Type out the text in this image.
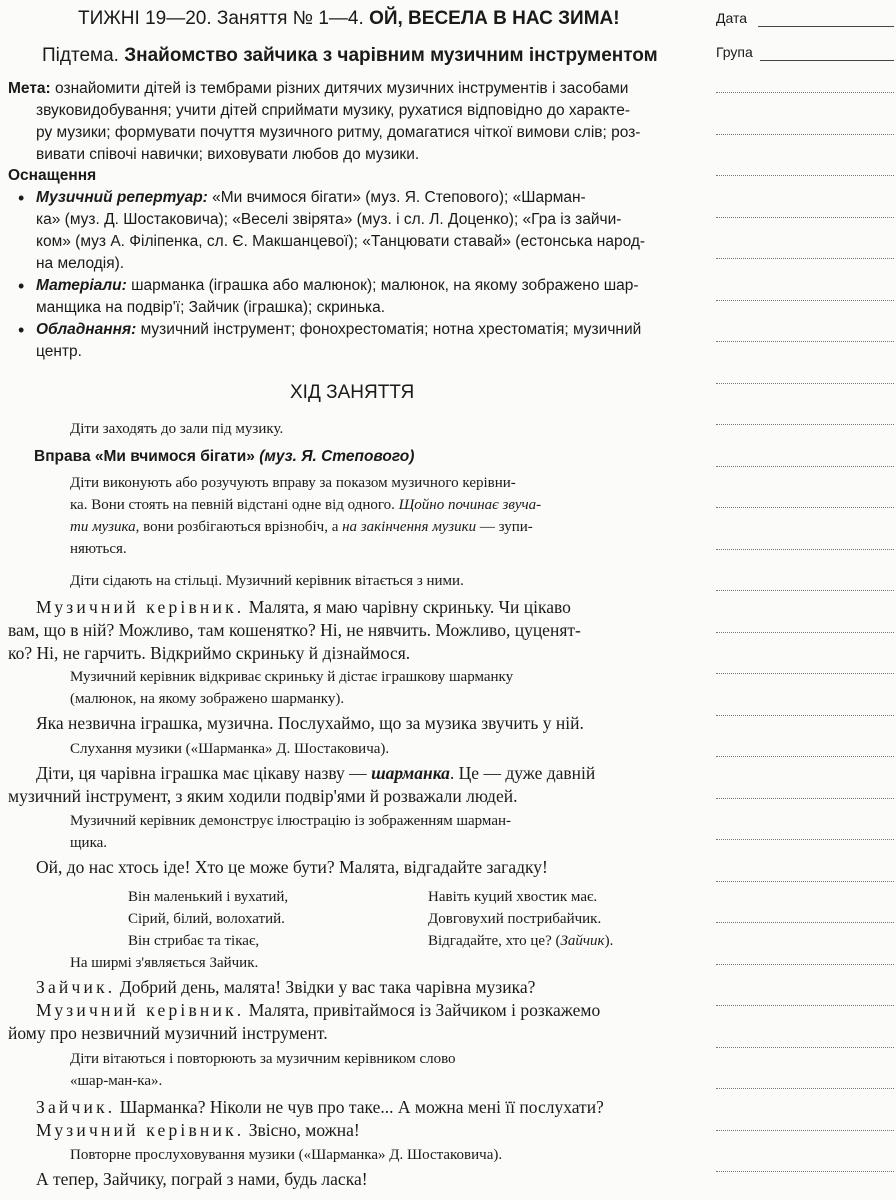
ТИЖНІ 19—20. Заняття № 1—4. ОЙ, ВЕСЕЛА В НАС ЗИМА!
Підтема. Знайомство зайчика з чарівним музичним інструментом
Мета: ознайомити дітей із тембрами різних дитячих музичних інструментів і засобами
звуковидобування; учити дітей сприймати музику, рухатися відповідно до характе-
ру музики; формувати почуття музичного ритму, домагатися чіткої вимови слів; роз-
вивати співочі навички; виховувати любов до музики.
Оснащення
• Музичний репертуар: «Ми вчимося бігати» (муз. Я. Степового); «Шарман-
ка» (муз. Д. Шостаковича); «Веселі звірята» (муз. і сл. Л. Доценко); «Гра із зайчи-
ком» (муз А. Філіпенка, сл. Є. Макшанцевої); «Танцювати ставай» (естонська народ-
на мелодія).
• Матеріали: шарманка (іграшка або малюнок); малюнок, на якому зображено шар-
манщика на подвір'ї; Зайчик (іграшка); скринька.
• Обладнання: музичний інструмент; фонохрестоматія; нотна хрестоматія; музичний
центр.
ХІД ЗАНЯТТЯ
Діти заходять до зали під музику.
Вправа «Ми вчимося бігати» (муз. Я. Степового)
Діти виконують або розучують вправу за показом музичного керівни-
ка. Вони стоять на певній відстані одне від одного. Щойно починає звуча-
ти музика, вони розбігаються врізнобіч, а на закінчення музики — зупи-
няються.
Діти сідають на стільці. Музичний керівник вітається з ними.
Музичний керівник. Малята, я маю чарівну скриньку. Чи цікаво
вам, що в ній? Можливо, там кошенятко? Ні, не нявчить. Можливо, цуценят-
ко? Ні, не гарчить. Відкриймо скриньку й дізнаймося.
Музичний керівник відкриває скриньку й дістає іграшкову шарманку
(малюнок, на якому зображено шарманку).
Яка незвична іграшка, музична. Послухаймо, що за музика звучить у ній.
Слухання музики («Шарманка» Д. Шостаковича).
Діти, ця чарівна іграшка має цікаву назву — шарманка. Це — дуже давній
музичний інструмент, з яким ходили подвір'ями й розважали людей.
Музичний керівник демонструє ілюстрацію із зображенням шарман-
щика.
Ой, до нас хтось іде! Хто це може бути? Малята, відгадайте загадку!
Він маленький і вухатий,
Сірий, білий, волохатий.
Він стрибає та тікає,
Навіть куций хвостик має.
Довговухий пострибайчик.
Відгадайте, хто це? (Зайчик).
На ширмі з'являється Зайчик.
Зайчик. Добрий день, малята! Звідки у вас така чарівна музика?
Музичний керівник. Малята, привітаймося із Зайчиком і розкажемо
йому про незвичний музичний інструмент.
Діти вітаються і повторюють за музичним керівником слово
«шар-ман-ка».
Зайчик. Шарманка? Ніколи не чув про таке... А можна мені її послухати?
Музичний керівник. Звісно, можна!
Повторне прослуховування музики («Шарманка» Д. Шостаковича).
А тепер, Зайчику, пограй з нами, будь ласка!
Дата
Група
